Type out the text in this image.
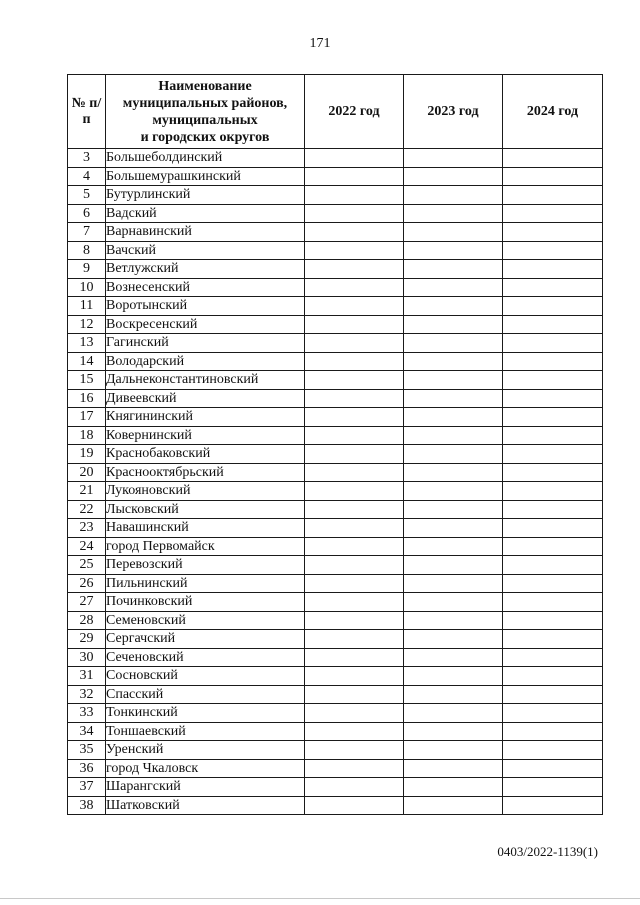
171
№ п/п	Наименование
муниципальных районов,
муниципальных
и городских округов	2022 год	2023 год	2024 год
3	Большеболдинский			
4	Большемурашкинский			
5	Бутурлинский			
6	Вадский			
7	Варнавинский			
8	Вачский			
9	Ветлужский			
10	Вознесенский			
11	Воротынский			
12	Воскресенский			
13	Гагинский			
14	Володарский			
15	Дальнеконстантиновский			
16	Дивеевский			
17	Княгининский			
18	Ковернинский			
19	Краснобаковский			
20	Краснооктябрьский			
21	Лукояновский			
22	Лысковский			
23	Навашинский			
24	город Первомайск			
25	Перевозский			
26	Пильнинский			
27	Починковский			
28	Семеновский			
29	Сергачский			
30	Сеченовский			
31	Сосновский			
32	Спасский			
33	Тонкинский			
34	Тоншаевский			
35	Уренский			
36	город Чкаловск			
37	Шарангский			
38	Шатковский			
0403/2022-1139(1)
